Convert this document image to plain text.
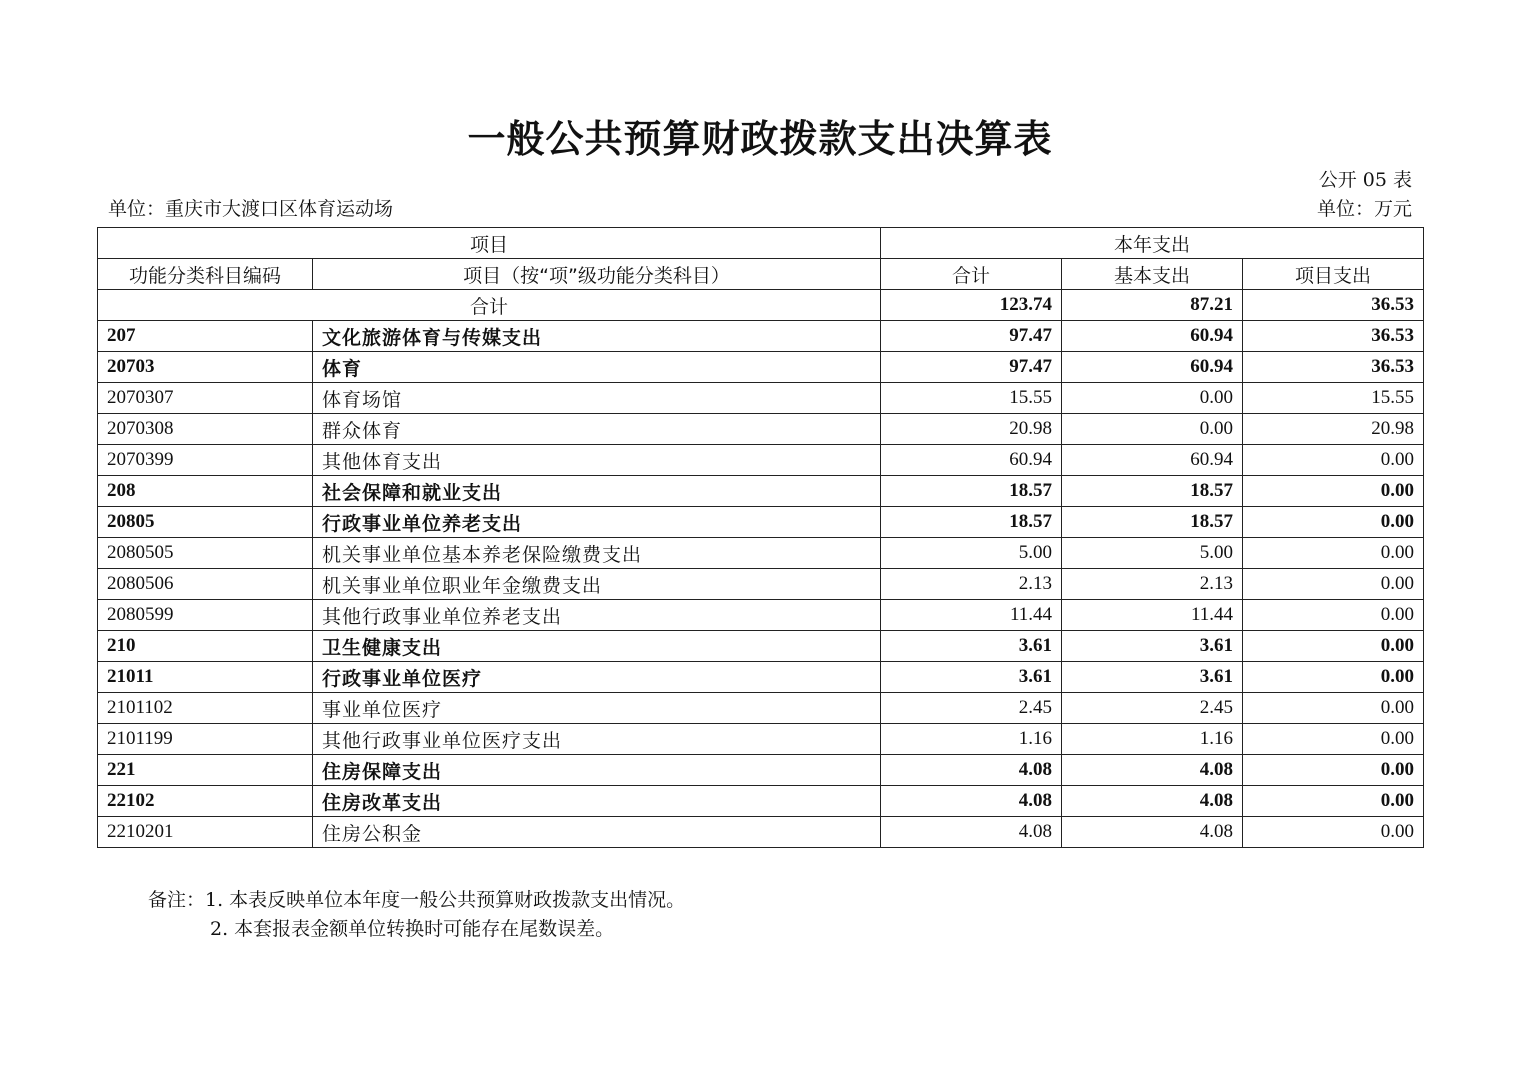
一般公共预算财政拨款支出决算表
公开 05 表
单位：重庆市大渡口区体育运动场	单位：万元
项目		本年支出		
功能分类科目编码	项目（按“项”级功能分类科目）	合计	基本支出	项目支出
合计		123.74	87.21	36.53
207	文化旅游体育与传媒支出	97.47	60.94	36.53
20703	体育	97.47	60.94	36.53
2070307	体育场馆	15.55	0.00	15.55
2070308	群众体育	20.98	0.00	20.98
2070399	其他体育支出	60.94	60.94	0.00
208	社会保障和就业支出	18.57	18.57	0.00
20805	行政事业单位养老支出	18.57	18.57	0.00
2080505	机关事业单位基本养老保险缴费支出	5.00	5.00	0.00
2080506	机关事业单位职业年金缴费支出	2.13	2.13	0.00
2080599	其他行政事业单位养老支出	11.44	11.44	0.00
210	卫生健康支出	3.61	3.61	0.00
21011	行政事业单位医疗	3.61	3.61	0.00
2101102	事业单位医疗	2.45	2.45	0.00
2101199	其他行政事业单位医疗支出	1.16	1.16	0.00
221	住房保障支出	4.08	4.08	0.00
22102	住房改革支出	4.08	4.08	0.00
2210201	住房公积金	4.08	4.08	0.00
备注：1. 本表反映单位本年度一般公共预算财政拨款支出情况。
2. 本套报表金额单位转换时可能存在尾数误差。
